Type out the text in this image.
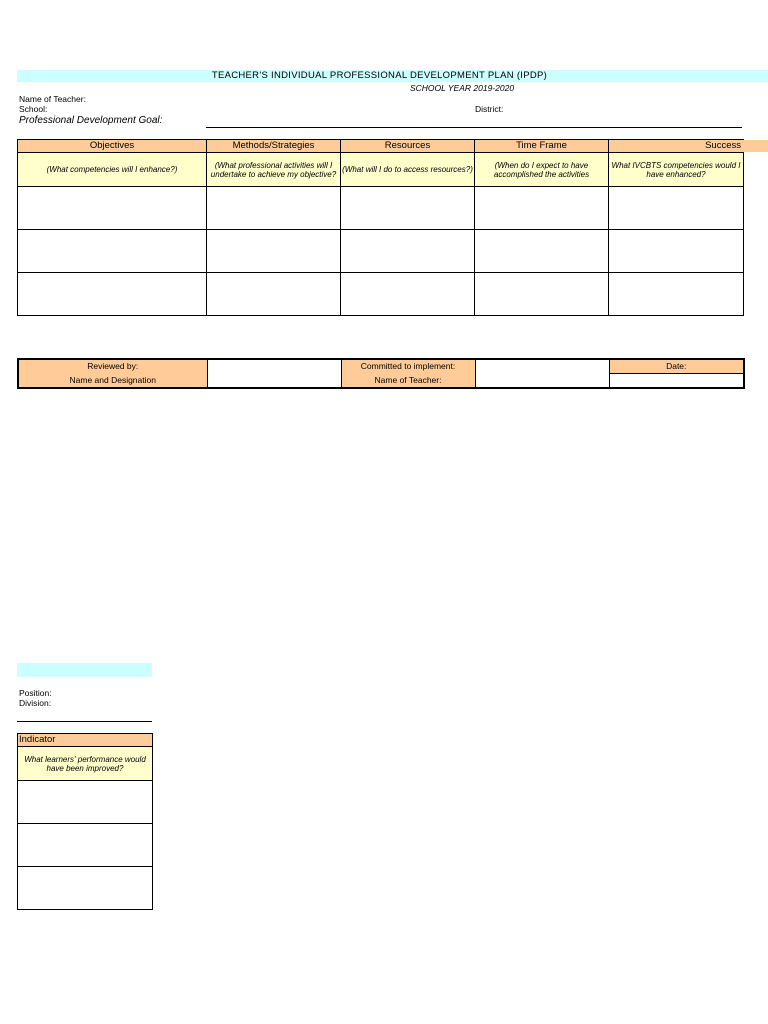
TEACHER'S INDIVIDUAL PROFESSIONAL DEVELOPMENT PLAN (IPDP)
SCHOOL YEAR 2019-2020
Name of Teacher:
School:	District:
Professional Development Goal:
Objectives	Methods/Strategies	Resources	Time Frame	Success
(What competencies will I enhance?)	(What professional activities will I undertake to achieve my objective?	(What will I do to access resources?)	(When do I expect to have accomplished the activities	What IVCBTS competencies would I have enhanced?

Reviewed by:		Committed to implement:		Date:
Name and Designation		Name of Teacher:		
Position:
Division:
Indicator
What learners' performance would have been improved?
